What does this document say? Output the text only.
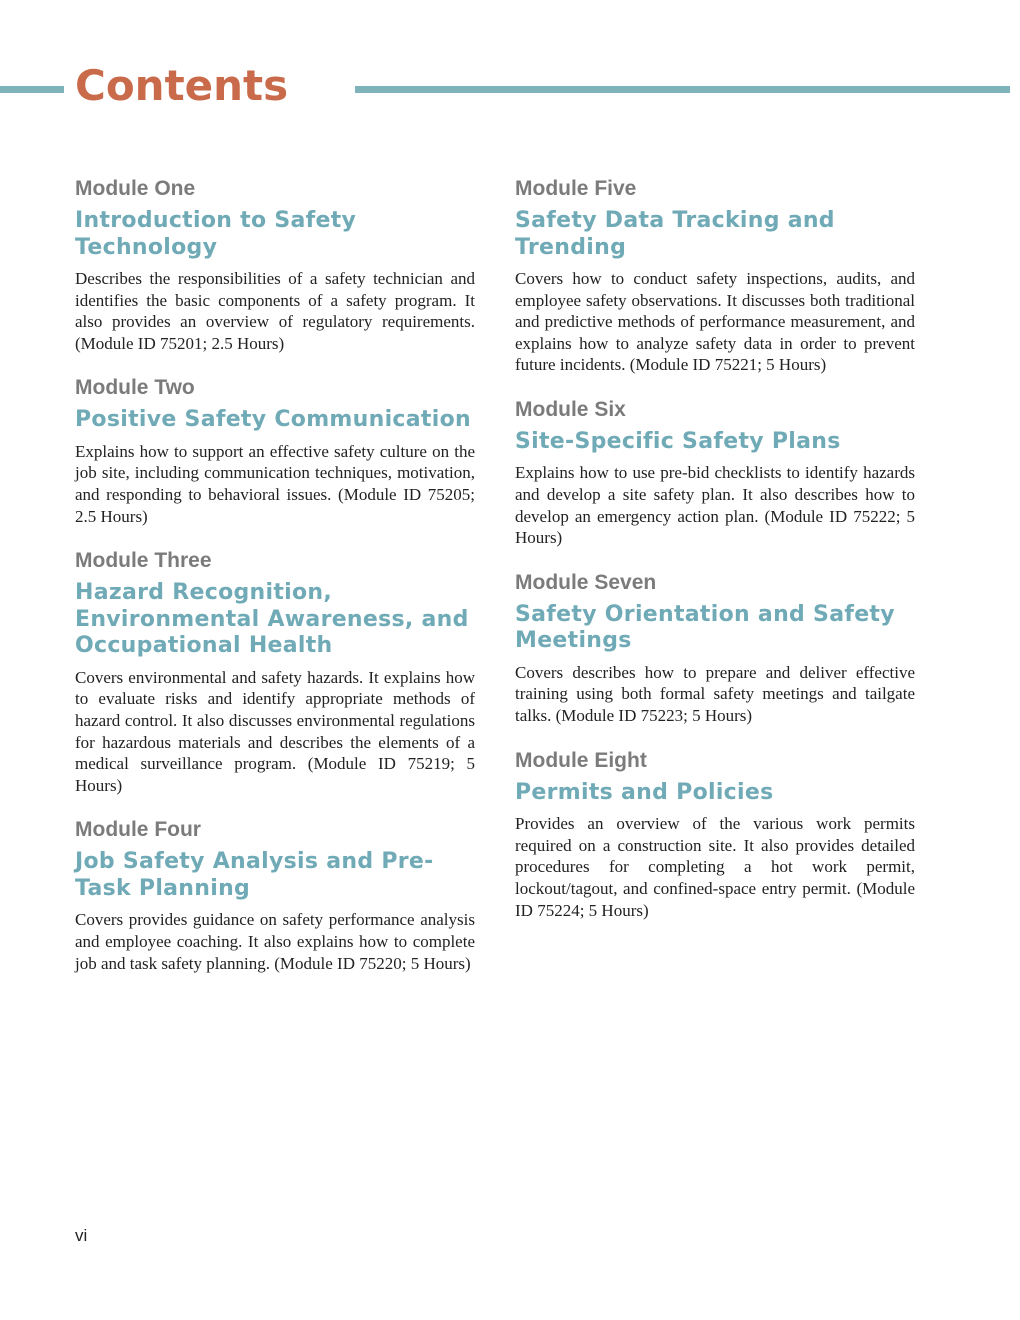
Contents
Module One
Introduction to Safety Technology

Describes the responsibilities of a safety technician and identifies the basic components of a safety program. It also provides an overview of regulatory requirements. (Module ID 75201; 2.5 Hours)

Module Two
Positive Safety Communication

Explains how to support an effective safety culture on the job site, including communication techniques, motivation, and responding to behavioral issues. (Module ID 75205; 2.5 Hours)

Module Three
Hazard Recognition, Environmental Awareness, and Occupational Health

Covers environmental and safety hazards. It explains how to evaluate risks and identify appropriate methods of hazard control. It also discusses environmental regulations for hazardous materials and describes the elements of a medical surveillance program. (Module ID 75219; 5 Hours)

Module Four
Job Safety Analysis and Pre-Task Planning

Covers provides guidance on safety performance analysis and employee coaching. It also explains how to complete job and task safety planning. (Module ID 75220; 5 Hours)

Module Five
Safety Data Tracking and Trending

Covers how to conduct safety inspections, audits, and employee safety observations. It discusses both traditional and predictive methods of performance measurement, and explains how to analyze safety data in order to prevent future incidents. (Module ID 75221; 5 Hours)

Module Six
Site-Specific Safety Plans

Explains how to use pre-bid checklists to identify hazards and develop a site safety plan. It also describes how to develop an emergency action plan. (Module ID 75222; 5 Hours)

Module Seven
Safety Orientation and Safety Meetings

Covers describes how to prepare and deliver effective training using both formal safety meetings and tailgate talks. (Module ID 75223; 5 Hours)

Module Eight
Permits and Policies

Provides an overview of the various work permits required on a construction site. It also provides detailed procedures for completing a hot work permit, lockout/tagout, and confined-space entry permit. (Module ID 75224; 5 Hours)

vi
